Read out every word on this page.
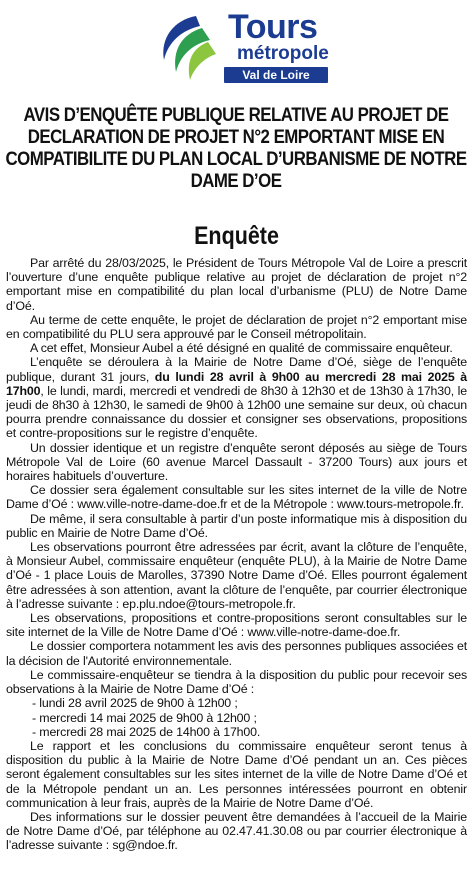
Tours
métropole
Val de Loire
AVIS D’ENQUÊTE PUBLIQUE RELATIVE AU PROJET DE DECLARATION DE PROJET N°2 EMPORTANT MISE EN COMPATIBILITE DU PLAN LOCAL D’URBANISME DE NOTRE DAME D’OE
Enquête

Par arrêté du 28/03/2025, le Président de Tours Métropole Val de Loire a prescrit l’ouverture d’une enquête publique relative au projet de déclaration de projet n°2 emportant mise en compatibilité du plan local d’urbanisme (PLU) de Notre Dame d’Oé.

Au terme de cette enquête, le projet de déclaration de projet n°2 emportant mise en compatibilité du PLU sera approuvé par le Conseil métropolitain.

A cet effet, Monsieur Aubel a été désigné en qualité de commissaire enquêteur.

L’enquête se déroulera à la Mairie de Notre Dame d’Oé, siège de l’enquête publique, durant 31 jours, du lundi 28 avril à 9h00 au mercredi 28 mai 2025 à 17h00, le lundi, mardi, mercredi et vendredi de 8h30 à 12h30 et de 13h30 à 17h30, le jeudi de 8h30 à 12h30, le samedi de 9h00 à 12h00 une semaine sur deux, où chacun pourra prendre connaissance du dossier et consigner ses observations, propositions et contre-propositions sur le registre d’enquête.

Un dossier identique et un registre d’enquête seront déposés au siège de Tours Métropole Val de Loire (60 avenue Marcel Dassault - 37200 Tours) aux jours et horaires habituels d’ouverture.

Ce dossier sera également consultable sur les sites internet de la ville de Notre Dame d’Oé : www.ville-notre-dame-doe.fr et de la Métropole : www.tours-metropole.fr.

De même, il sera consultable à partir d’un poste informatique mis à disposition du public en Mairie de Notre Dame d’Oé.

Les observations pourront être adressées par écrit, avant la clôture de l’enquête, à Monsieur Aubel, commissaire enquêteur (enquête PLU), à la Mairie de Notre Dame d’Oé - 1 place Louis de Marolles, 37390 Notre Dame d’Oé. Elles pourront également être adressées à son attention, avant la clôture de l’enquête, par courrier électronique à l’adresse suivante : ep.plu.ndoe@tours-metropole.fr.

Les observations, propositions et contre-propositions seront consultables sur le site internet de la Ville de Notre Dame d’Oé : www.ville-notre-dame-doe.fr.

Le dossier comportera notamment les avis des personnes publiques associées et la décision de l'Autorité environnementale.

Le commissaire-enquêteur se tiendra à la disposition du public pour recevoir ses observations à la Mairie de Notre Dame d’Oé :

- lundi 28 avril 2025 de 9h00 à 12h00 ;

- mercredi 14 mai 2025 de 9h00 à 12h00 ;

- mercredi 28 mai 2025 de 14h00 à 17h00.

Le rapport et les conclusions du commissaire enquêteur seront tenus à disposition du public à la Mairie de Notre Dame d’Oé pendant un an. Ces pièces seront également consultables sur les sites internet de la ville de Notre Dame d’Oé et de la Métropole pendant un an. Les personnes intéressées pourront en obtenir communication à leur frais, auprès de la Mairie de Notre Dame d’Oé.

Des informations sur le dossier peuvent être demandées à l’accueil de la Mairie de Notre Dame d’Oé, par téléphone au 02.47.41.30.08 ou par courrier électronique à l’adresse suivante : sg@ndoe.fr.
